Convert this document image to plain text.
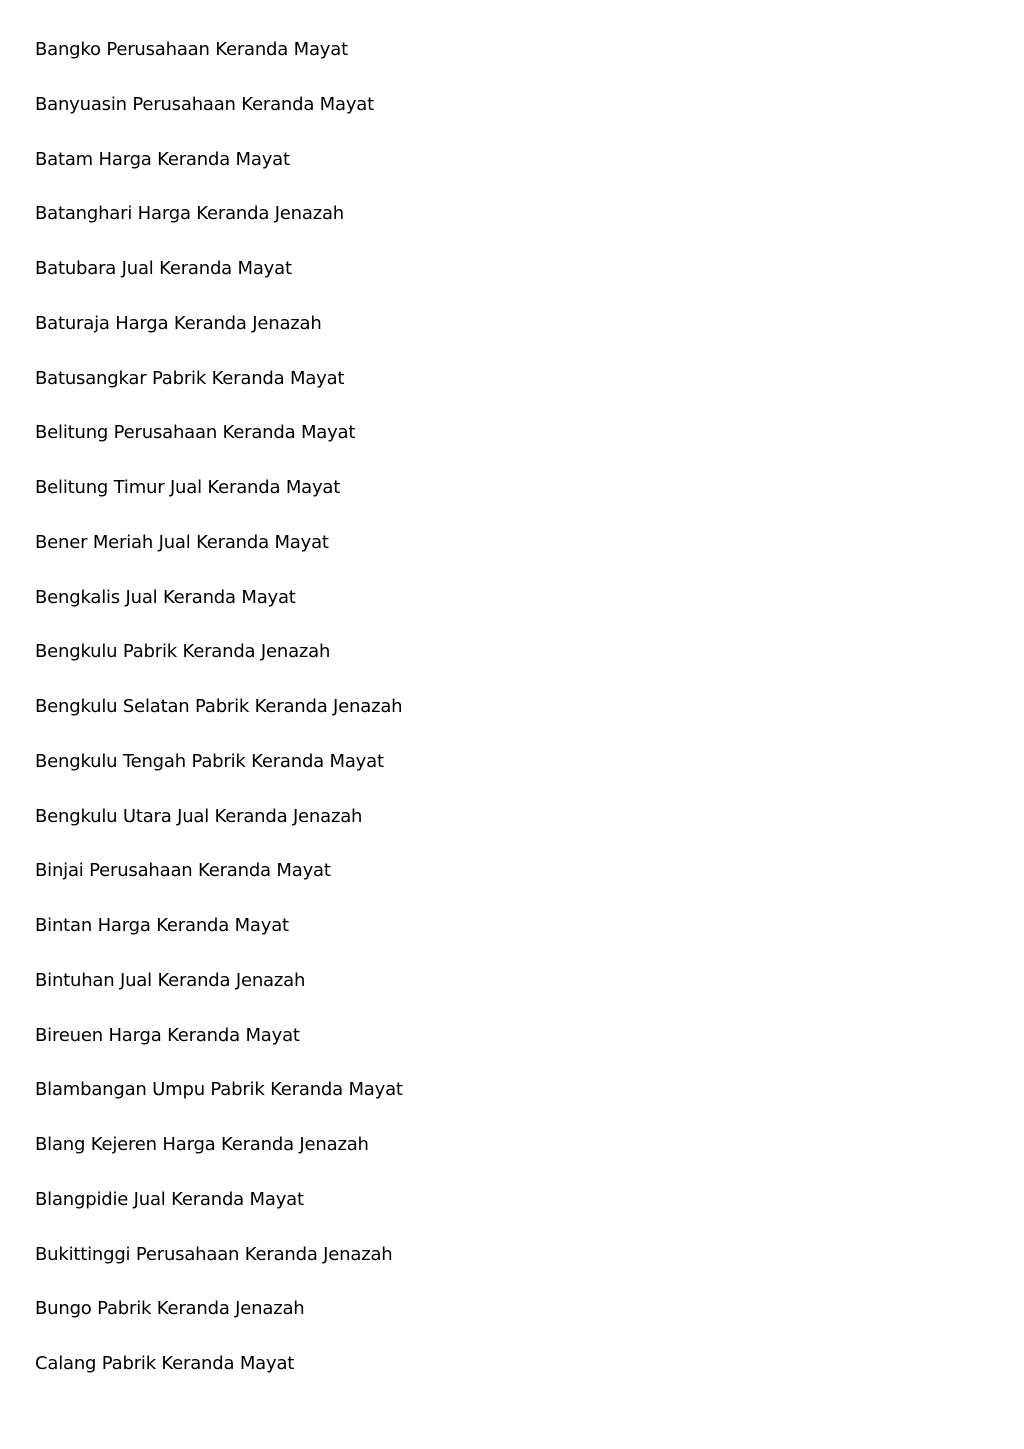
Bangko Perusahaan Keranda Mayat
Banyuasin Perusahaan Keranda Mayat
Batam Harga Keranda Mayat
Batanghari Harga Keranda Jenazah
Batubara Jual Keranda Mayat
Baturaja Harga Keranda Jenazah
Batusangkar Pabrik Keranda Mayat
Belitung Perusahaan Keranda Mayat
Belitung Timur Jual Keranda Mayat
Bener Meriah Jual Keranda Mayat
Bengkalis Jual Keranda Mayat
Bengkulu Pabrik Keranda Jenazah
Bengkulu Selatan Pabrik Keranda Jenazah
Bengkulu Tengah Pabrik Keranda Mayat
Bengkulu Utara Jual Keranda Jenazah
Binjai Perusahaan Keranda Mayat
Bintan Harga Keranda Mayat
Bintuhan Jual Keranda Jenazah
Bireuen Harga Keranda Mayat
Blambangan Umpu Pabrik Keranda Mayat
Blang Kejeren Harga Keranda Jenazah
Blangpidie Jual Keranda Mayat
Bukittinggi Perusahaan Keranda Jenazah
Bungo Pabrik Keranda Jenazah
Calang Pabrik Keranda Mayat
